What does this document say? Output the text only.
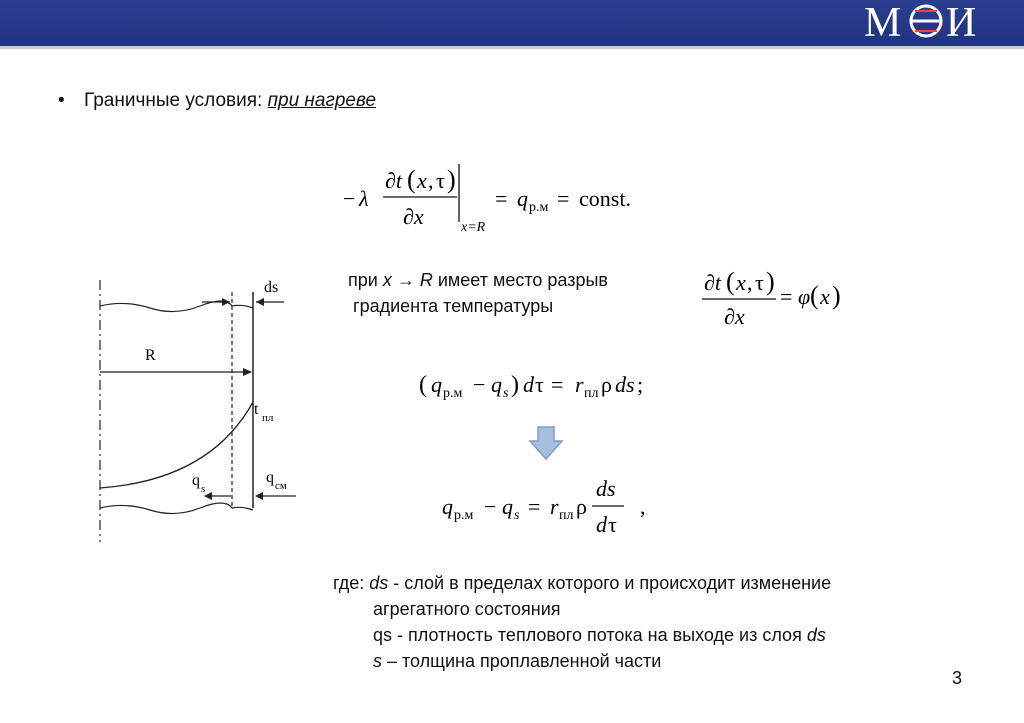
М И
• Граничные условия: при нагреве
− λ
∂t ( x , τ )
∂x	x=R
= q р.м = const.
при x → R имеет место разрыв
градиента температуры
∂t ( x , τ )
∂x
= φ ( x )
( q р.м − q s ) d τ = r пл ρ ds ;
q р.м − q s = r пл ρ
ds
d τ
,
ds
R
t пл
q s
q см
где: ds - слой в пределах которого и происходит изменение
агрегатного состояния
qs - плотность теплового потока на выходе из слоя ds
s – толщина проплавленной части
3
